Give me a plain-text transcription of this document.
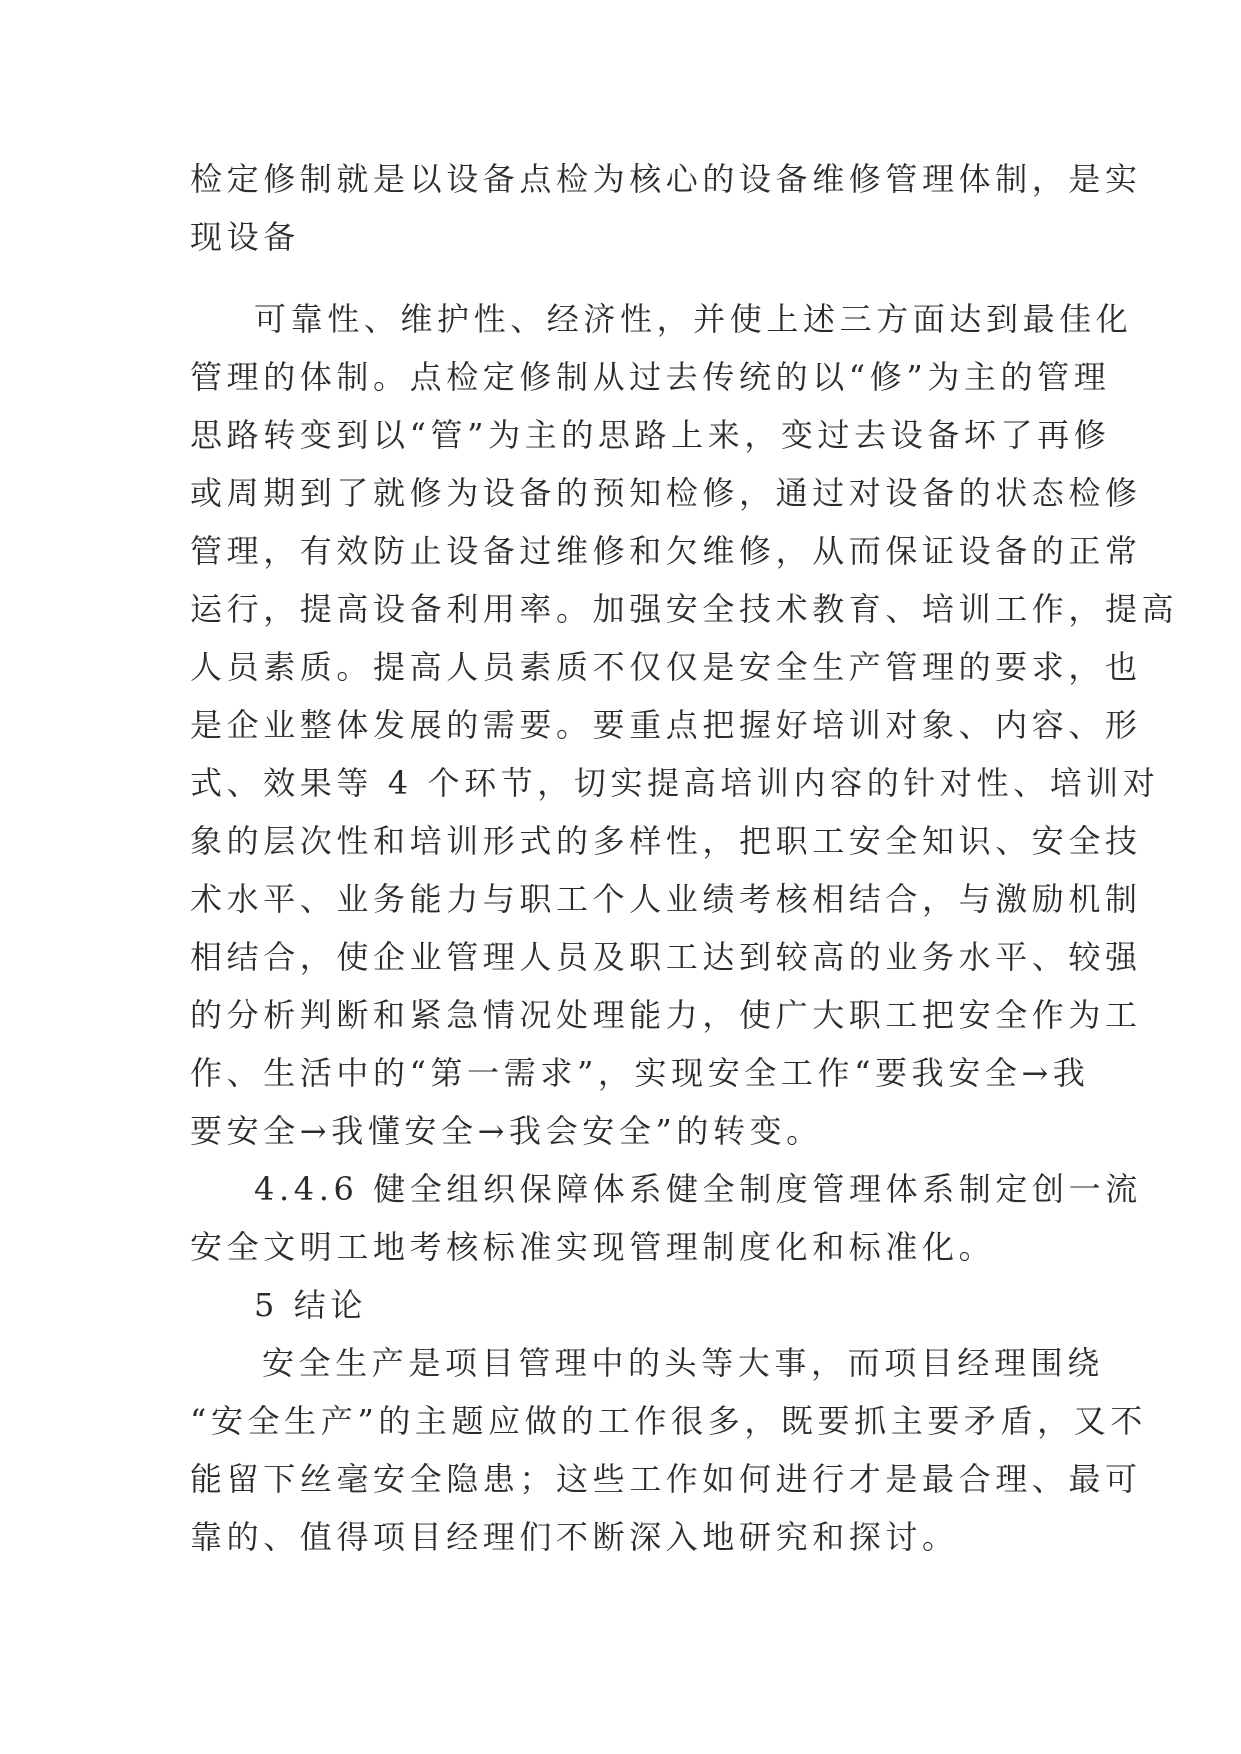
检定修制就是以设备点检为核心的设备维修管理体制，是实
现设备
可靠性、维护性、经济性，并使上述三方面达到最佳化
管理的体制。点检定修制从过去传统的以“修”为主的管理
思路转变到以“管”为主的思路上来，变过去设备坏了再修
或周期到了就修为设备的预知检修，通过对设备的状态检修
管理，有效防止设备过维修和欠维修，从而保证设备的正常
运行，提高设备利用率。加强安全技术教育、培训工作，提高
人员素质。提高人员素质不仅仅是安全生产管理的要求，也
是企业整体发展的需要。要重点把握好培训对象、内容、形
式、效果等 4 个环节，切实提高培训内容的针对性、培训对
象的层次性和培训形式的多样性，把职工安全知识、安全技
术水平、业务能力与职工个人业绩考核相结合，与激励机制
相结合，使企业管理人员及职工达到较高的业务水平、较强
的分析判断和紧急情况处理能力，使广大职工把安全作为工
作、生活中的“第一需求”，实现安全工作“要我安全→我
要安全→我懂安全→我会安全”的转变。
4.4.6 健全组织保障体系健全制度管理体系制定创一流
安全文明工地考核标准实现管理制度化和标准化。
5 结论
安全生产是项目管理中的头等大事，而项目经理围绕
“安全生产”的主题应做的工作很多，既要抓主要矛盾，又不
能留下丝毫安全隐患；这些工作如何进行才是最合理、最可
靠的、值得项目经理们不断深入地研究和探讨。
